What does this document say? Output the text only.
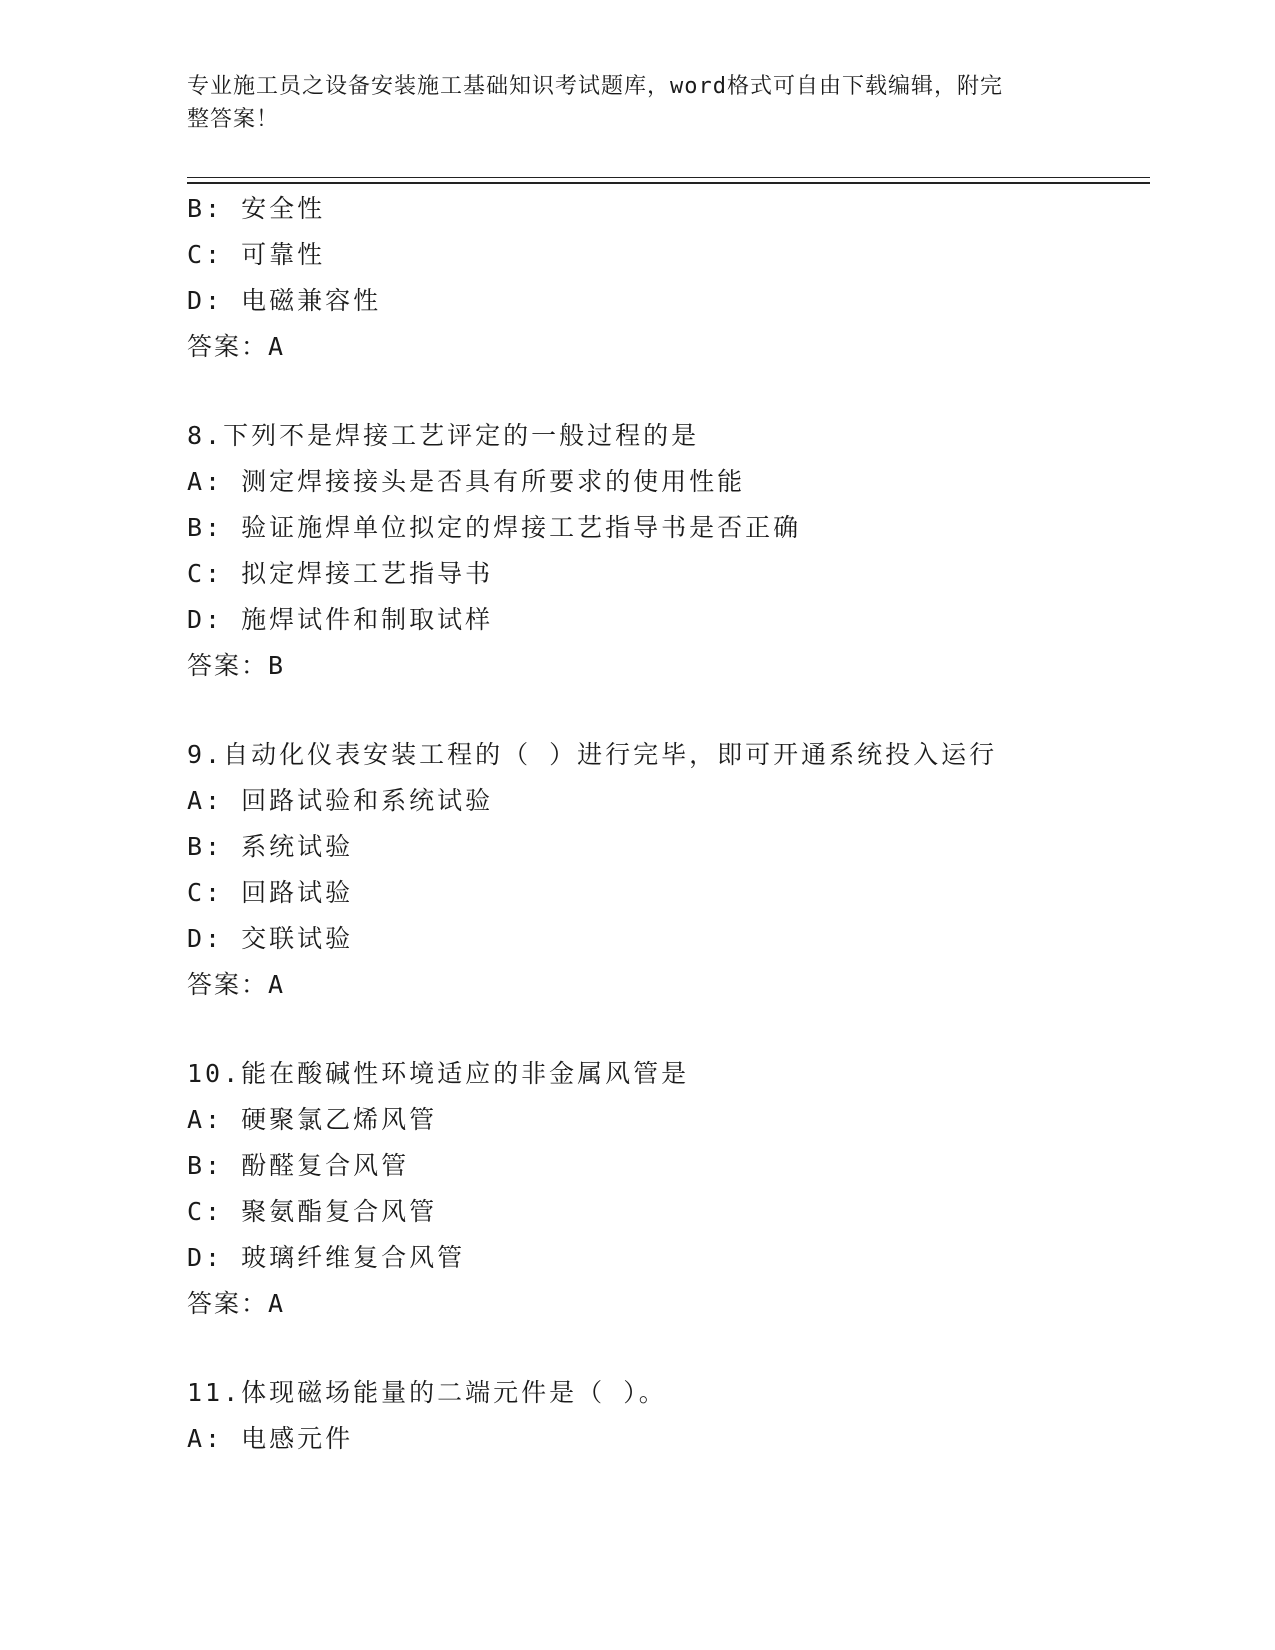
专业施工员之设备安装施工基础知识考试题库，word格式可自由下载编辑，附完
整答案！
B: 安全性
C: 可靠性
D: 电磁兼容性
答案：A
8.下列不是焊接工艺评定的一般过程的是
A: 测定焊接接头是否具有所要求的使用性能
B: 验证施焊单位拟定的焊接工艺指导书是否正确
C: 拟定焊接工艺指导书
D: 施焊试件和制取试样
答案：B
9.自动化仪表安装工程的（ ）进行完毕，即可开通系统投入运行
A: 回路试验和系统试验
B: 系统试验
C: 回路试验
D: 交联试验
答案：A
10.能在酸碱性环境适应的非金属风管是
A: 硬聚氯乙烯风管
B: 酚醛复合风管
C: 聚氨酯复合风管
D: 玻璃纤维复合风管
答案：A
11.体现磁场能量的二端元件是（ ）。
A: 电感元件
